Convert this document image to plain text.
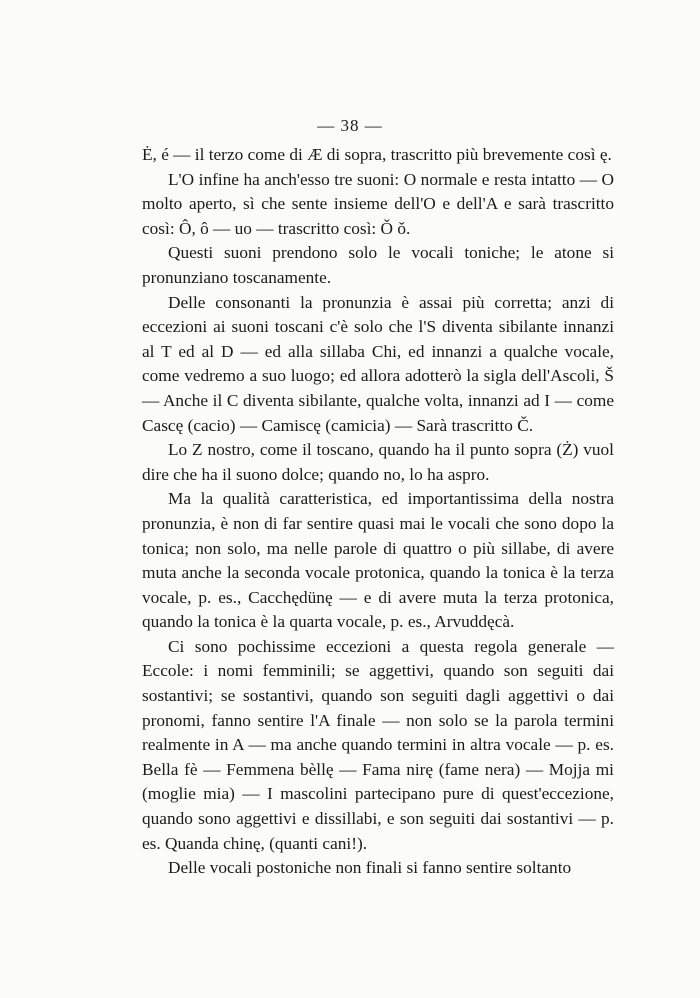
— 38 —

Ė, é — il terzo come di Æ di sopra, trascritto più brevemente così ę.

L'O infine ha anch'esso tre suoni: O normale e resta intatto — O molto aperto, sì che sente insieme dell'O e dell'A e sarà trascritto così: Ô, ô — uo — trascritto così: Ǒ ǒ.

Questi suoni prendono solo le vocali toniche; le atone si pronunziano toscanamente.

Delle consonanti la pronunzia è assai più corretta; anzi di eccezioni ai suoni toscani c'è solo che l'S diventa sibilante innanzi al T ed al D — ed alla sillaba Chi, ed innanzi a qualche vocale, come vedremo a suo luogo; ed allora adotterò la sigla dell'Ascoli, Š — Anche il C diventa sibilante, qualche volta, innanzi ad I — come Cascę (cacio) — Camiscę (camicia) — Sarà trascritto Č.

Lo Z nostro, come il toscano, quando ha il punto sopra (Ż) vuol dire che ha il suono dolce; quando no, lo ha aspro.

Ma la qualità caratteristica, ed importantissima della nostra pronunzia, è non di far sentire quasi mai le vocali che sono dopo la tonica; non solo, ma nelle parole di quattro o più sillabe, di avere muta anche la seconda vocale protonica, quando la tonica è la terza vocale, p. es., Cacchędünę — e di avere muta la terza protonica, quando la tonica è la quarta vocale, p. es., Arvuddęcà.

Ci sono pochissime eccezioni a questa regola generale — Eccole: i nomi femminili; se aggettivi, quando son seguiti dai sostantivi; se sostantivi, quando son seguiti dagli aggettivi o dai pronomi, fanno sentire l'A finale — non solo se la parola termini realmente in A — ma anche quando termini in altra vocale — p. es. Bella fè — Femmena bèllę — Fama nirę (fame nera) — Mojja mi (moglie mia) — I mascolini partecipano pure di quest'eccezione, quando sono aggettivi e dissillabi, e son seguiti dai sostantivi — p. es. Quanda chinę, (quanti cani!).

Delle vocali postoniche non finali si fanno sentire soltanto
